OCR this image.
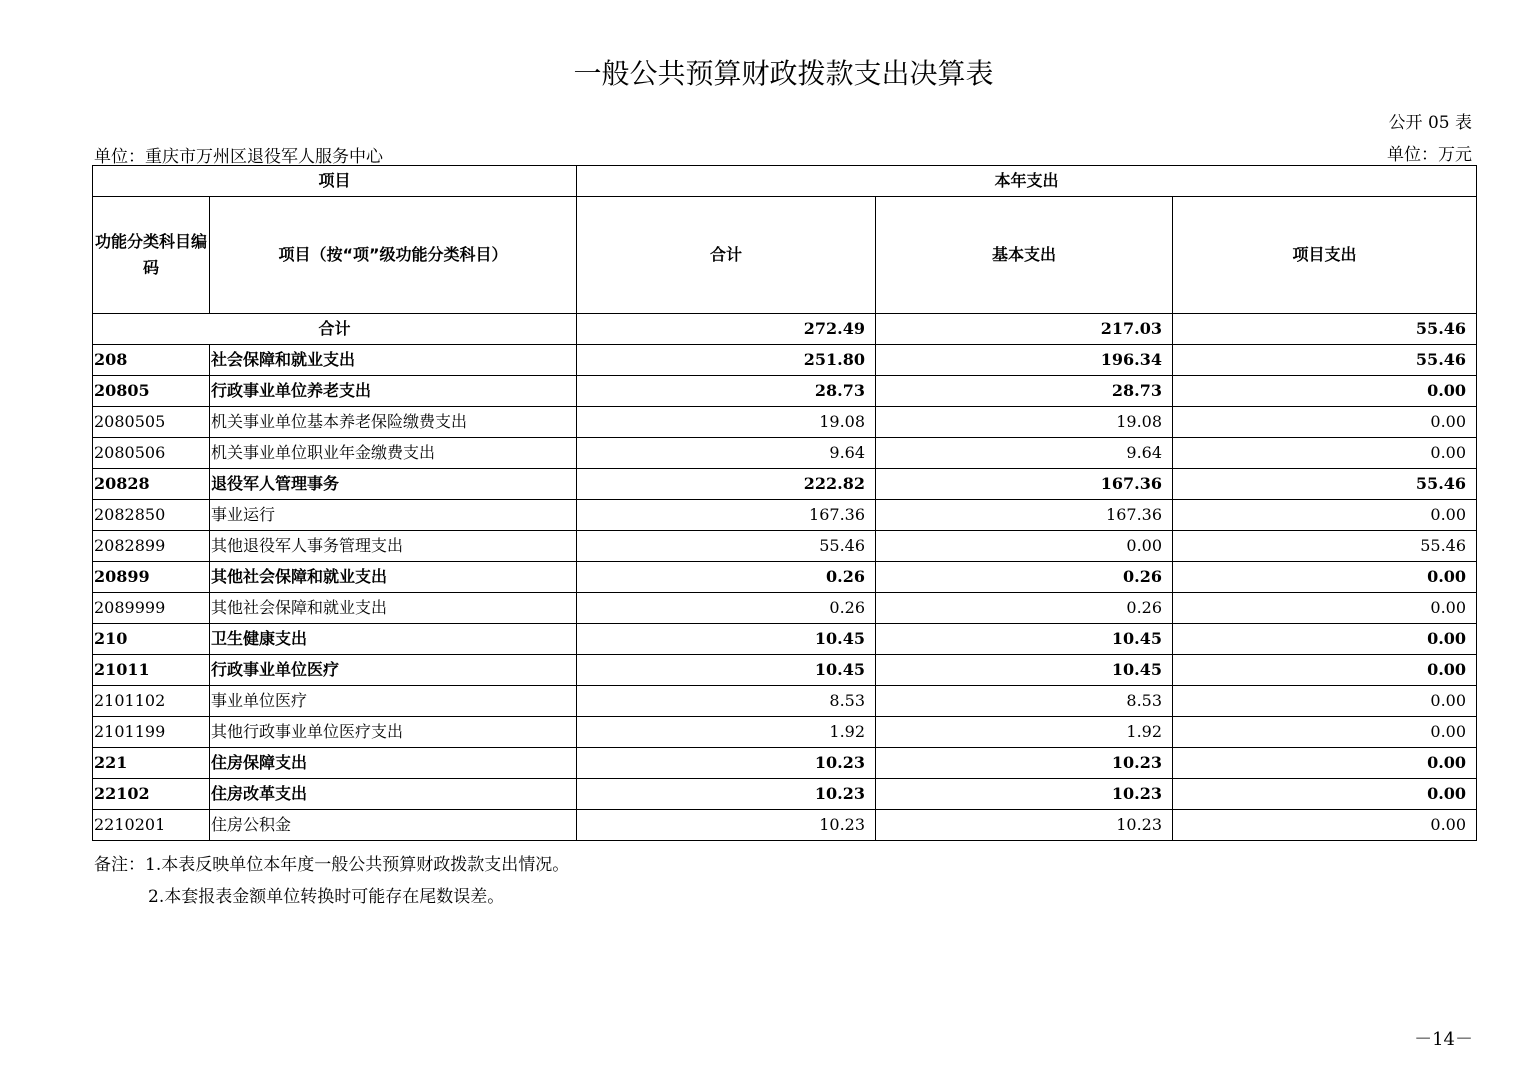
一般公共预算财政拨款支出决算表
公开 05 表
单位：重庆市万州区退役军人服务中心	单位：万元
项目		本年支出		
功能分类科目编码	项目（按“项”级功能分类科目）	合计	基本支出	项目支出
合计		272.49	217.03	55.46
208	社会保障和就业支出	251.80	196.34	55.46
20805	行政事业单位养老支出	28.73	28.73	0.00
2080505	机关事业单位基本养老保险缴费支出	19.08	19.08	0.00
2080506	机关事业单位职业年金缴费支出	9.64	9.64	0.00
20828	退役军人管理事务	222.82	167.36	55.46
2082850	事业运行	167.36	167.36	0.00
2082899	其他退役军人事务管理支出	55.46	0.00	55.46
20899	其他社会保障和就业支出	0.26	0.26	0.00
2089999	其他社会保障和就业支出	0.26	0.26	0.00
210	卫生健康支出	10.45	10.45	0.00
21011	行政事业单位医疗	10.45	10.45	0.00
2101102	事业单位医疗	8.53	8.53	0.00
2101199	其他行政事业单位医疗支出	1.92	1.92	0.00
221	住房保障支出	10.23	10.23	0.00
22102	住房改革支出	10.23	10.23	0.00
2210201	住房公积金	10.23	10.23	0.00
备注：1.本表反映单位本年度一般公共预算财政拨款支出情况。
2.本套报表金额单位转换时可能存在尾数误差。
－14－
